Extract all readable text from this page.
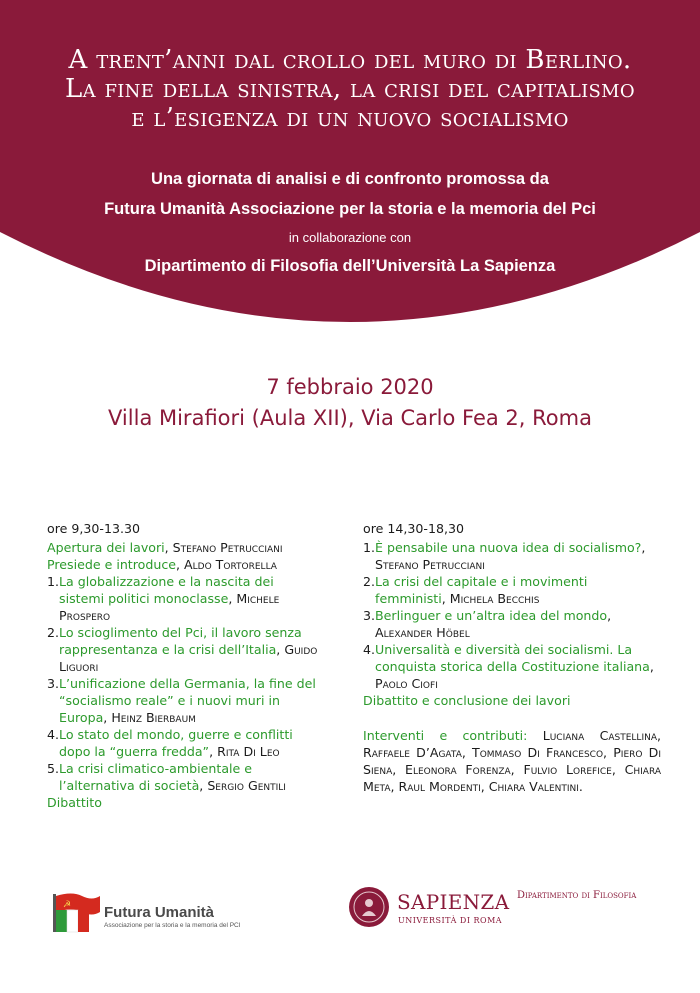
A trent’anni dal crollo del muro di Berlino.
La fine della sinistra, la crisi del capitalismo
e l’esigenza di un nuovo socialismo
Una giornata di analisi e di confronto promossa da
Futura Umanità Associazione per la storia e la memoria del Pci
in collaborazione con
Dipartimento di Filosofia dell’Università La Sapienza
7 febbraio 2020
Villa Mirafiori (Aula XII), Via Carlo Fea 2, Roma
ore 9,30-13.30
Apertura dei lavori, Stefano Petrucciani
Presiede e introduce, Aldo Tortorella
1. La globalizzazione e la nascita dei sistemi politici monoclasse, Michele Prospero
2. Lo scioglimento del Pci, il lavoro senza rappresentanza e la crisi dell’Italia, Guido Liguori
3. L’unificazione della Germania, la fine del “socialismo reale” e i nuovi muri in Europa, Heinz Bierbaum
4. Lo stato del mondo, guerre e conflitti dopo la “guerra fredda”, Rita Di Leo
5. La crisi climatico-ambientale e l’alternativa di società, Sergio Gentili
Dibattito
ore 14,30-18,30
1. È pensabile una nuova idea di socialismo?, Stefano Petrucciani
2. La crisi del capitale e i movimenti femministi, Michela Becchis
3. Berlinguer e un’altra idea del mondo, Alexander Höbel
4. Universalità e diversità dei socialismi. La conquista storica della Costituzione italiana, Paolo Ciofi
Dibattito e conclusione dei lavori
Interventi e contributi: Luciana Castellina, Raffaele D’Agata, Tommaso Di Francesco, Piero Di Siena, Eleonora Forenza, Fulvio Lorefice, Chiara Meta, Raul Mordenti, Chiara Valentini.
☭ Futura Umanità
Associazione per la storia e la memoria del PCI
SAPIENZA
UNIVERSITÀ DI ROMA
Dipartimento di Filosofia
